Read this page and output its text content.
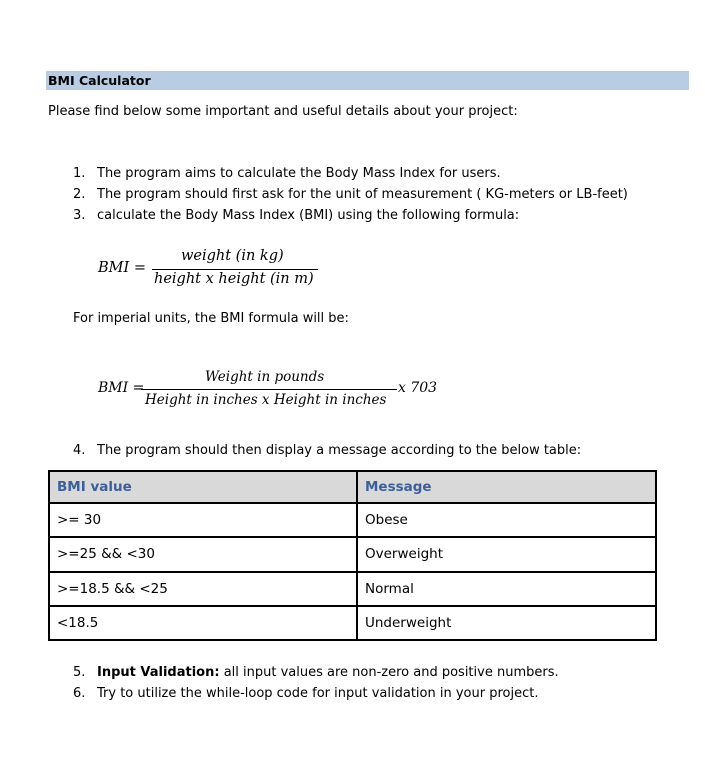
BMI Calculator
Please find below some important and useful details about your project:
1. The program aims to calculate the Body Mass Index for users.
2. The program should first ask for the unit of measurement ( KG-meters or LB-feet)
3. calculate the Body Mass Index (BMI) using the following formula:
BMI =
weight (in kg)
height x height (in m)
For imperial units, the BMI formula will be:
BMI =
Weight in pounds
Height in inches x Height in inches
x 703
4. The program should then display a message according to the below table:
BMI value	Message
>= 30	Obese
>=25 && <30	Overweight
>=18.5 && <25	Normal
<18.5	Underweight
5. Input Validation: all input values are non-zero and positive numbers.
6. Try to utilize the while-loop code for input validation in your project.
